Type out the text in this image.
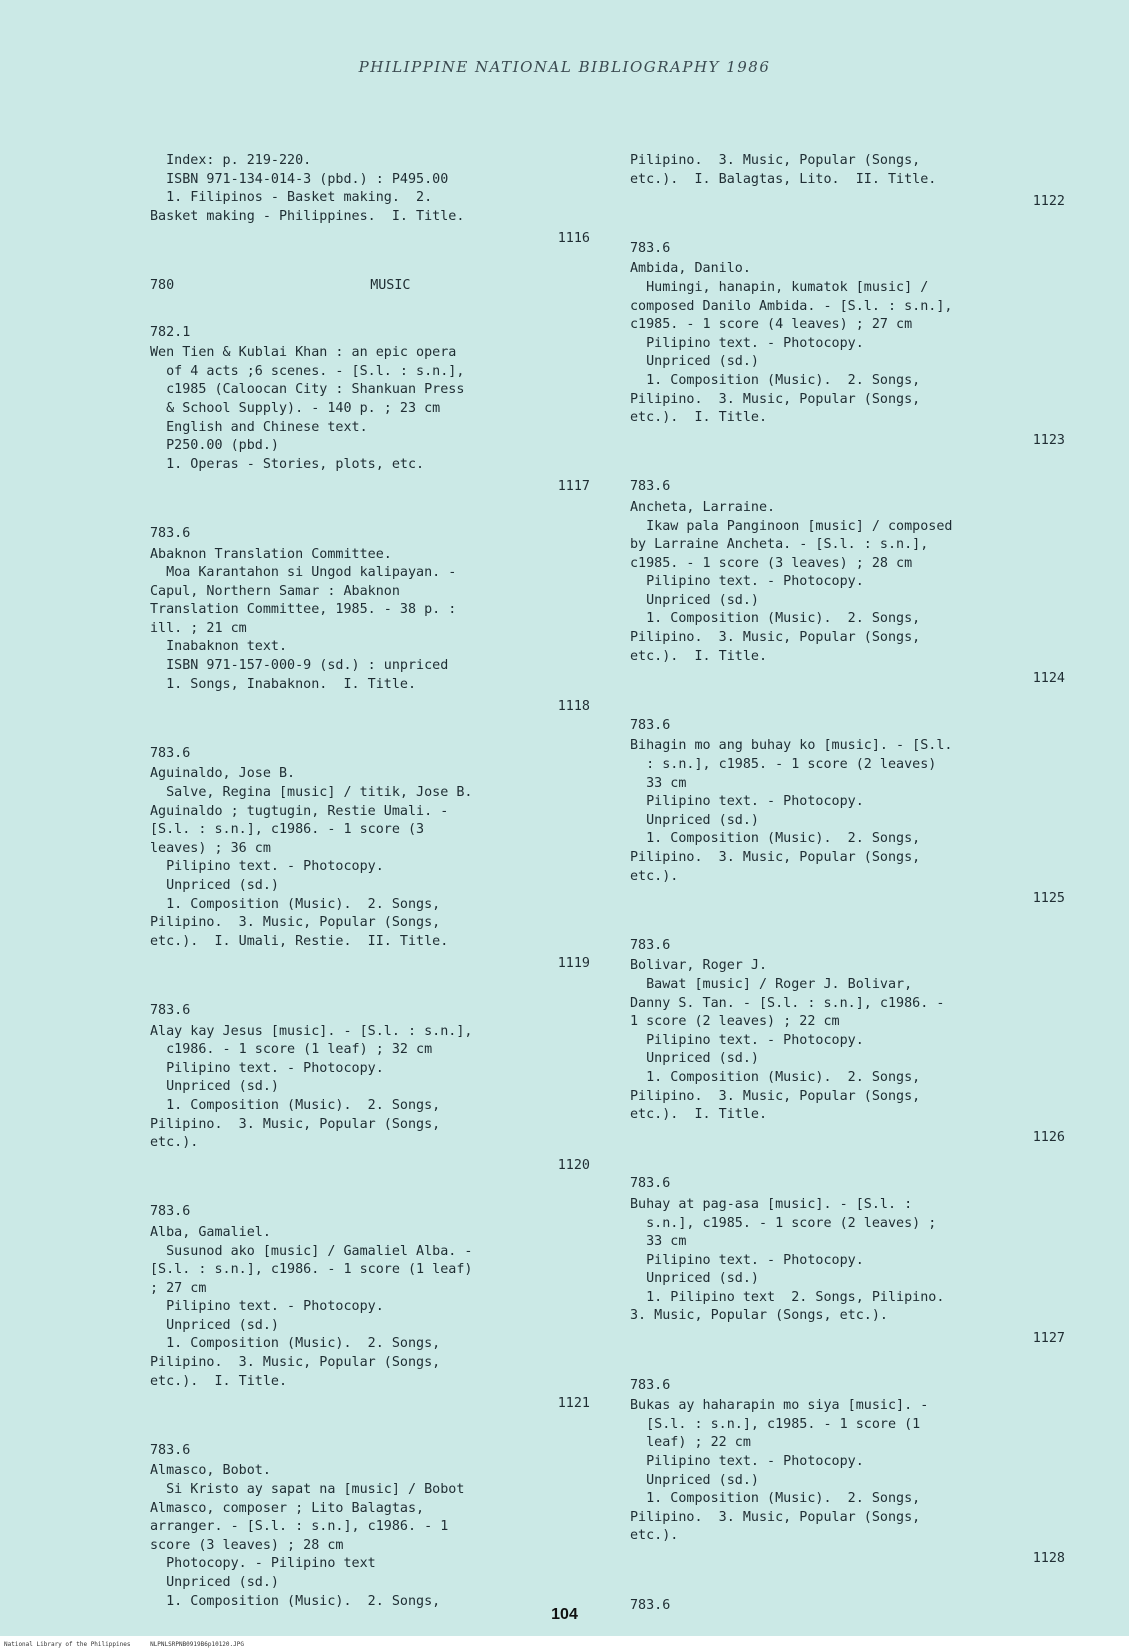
PHILIPPINE NATIONAL BIBLIOGRAPHY 1986
Index: p. 219-220.
ISBN 971-134-014-3 (pbd.) : P495.00
1. Filipinos - Basket making.  2.
Basket making - Philippines.  I. Title.
1116
780	MUSIC
782.1
Wen Tien & Kublai Khan : an epic opera
of 4 acts ;6 scenes. - [S.l. : s.n.],
c1985 (Caloocan City : Shankuan Press
& School Supply). - 140 p. ; 23 cm
English and Chinese text.
P250.00 (pbd.)
1. Operas - Stories, plots, etc.
1117
783.6
Abaknon Translation Committee.
Moa Karantahon si Ungod kalipayan. -
Capul, Northern Samar : Abaknon
Translation Committee, 1985. - 38 p. :
ill. ; 21 cm
Inabaknon text.
ISBN 971-157-000-9 (sd.) : unpriced
1. Songs, Inabaknon.  I. Title.
1118
783.6
Aguinaldo, Jose B.
Salve, Regina [music] / titik, Jose B.
Aguinaldo ; tugtugin, Restie Umali. -
[S.l. : s.n.], c1986. - 1 score (3
leaves) ; 36 cm
Pilipino text. - Photocopy.
Unpriced (sd.)
1. Composition (Music).  2. Songs,
Pilipino.  3. Music, Popular (Songs,
etc.).  I. Umali, Restie.  II. Title.
1119
783.6
Alay kay Jesus [music]. - [S.l. : s.n.],
c1986. - 1 score (1 leaf) ; 32 cm
Pilipino text. - Photocopy.
Unpriced (sd.)
1. Composition (Music).  2. Songs,
Pilipino.  3. Music, Popular (Songs,
etc.).
1120
783.6
Alba, Gamaliel.
Susunod ako [music] / Gamaliel Alba. -
[S.l. : s.n.], c1986. - 1 score (1 leaf)
; 27 cm
Pilipino text. - Photocopy.
Unpriced (sd.)
1. Composition (Music).  2. Songs,
Pilipino.  3. Music, Popular (Songs,
etc.).  I. Title.
1121
783.6
Almasco, Bobot.
Si Kristo ay sapat na [music] / Bobot
Almasco, composer ; Lito Balagtas,
arranger. - [S.l. : s.n.], c1986. - 1
score (3 leaves) ; 28 cm
Photocopy. - Pilipino text
Unpriced (sd.)
1. Composition (Music).  2. Songs,
Pilipino.  3. Music, Popular (Songs,
etc.).  I. Balagtas, Lito.  II. Title.
1122
783.6
Ambida, Danilo.
Humingi, hanapin, kumatok [music] /
composed Danilo Ambida. - [S.l. : s.n.],
c1985. - 1 score (4 leaves) ; 27 cm
Pilipino text. - Photocopy.
Unpriced (sd.)
1. Composition (Music).  2. Songs,
Pilipino.  3. Music, Popular (Songs,
etc.).  I. Title.
1123
783.6
Ancheta, Larraine.
Ikaw pala Panginoon [music] / composed
by Larraine Ancheta. - [S.l. : s.n.],
c1985. - 1 score (3 leaves) ; 28 cm
Pilipino text. - Photocopy.
Unpriced (sd.)
1. Composition (Music).  2. Songs,
Pilipino.  3. Music, Popular (Songs,
etc.).  I. Title.
1124
783.6
Bihagin mo ang buhay ko [music]. - [S.l.
: s.n.], c1985. - 1 score (2 leaves)
33 cm
Pilipino text. - Photocopy.
Unpriced (sd.)
1. Composition (Music).  2. Songs,
Pilipino.  3. Music, Popular (Songs,
etc.).
1125
783.6
Bolivar, Roger J.
Bawat [music] / Roger J. Bolivar,
Danny S. Tan. - [S.l. : s.n.], c1986. -
1 score (2 leaves) ; 22 cm
Pilipino text. - Photocopy.
Unpriced (sd.)
1. Composition (Music).  2. Songs,
Pilipino.  3. Music, Popular (Songs,
etc.).  I. Title.
1126
783.6
Buhay at pag-asa [music]. - [S.l. :
s.n.], c1985. - 1 score (2 leaves) ;
33 cm
Pilipino text. - Photocopy.
Unpriced (sd.)
1. Pilipino text  2. Songs, Pilipino.
3. Music, Popular (Songs, etc.).
1127
783.6
Bukas ay haharapin mo siya [music]. -
[S.l. : s.n.], c1985. - 1 score (1
leaf) ; 22 cm
Pilipino text. - Photocopy.
Unpriced (sd.)
1. Composition (Music).  2. Songs,
Pilipino.  3. Music, Popular (Songs,
etc.).
1128
783.6
104
National Library of the Philippines	NLPNLSRPNB0919B6p10120.JPG
